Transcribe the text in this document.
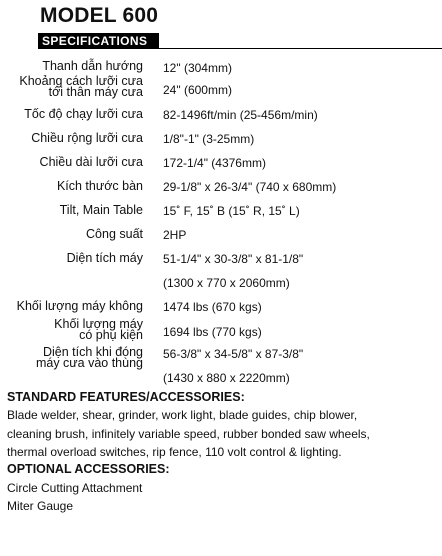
MODEL 600
SPECIFICATIONS
Thanh dẫn hướng 12" (304mm)
Khoảng cách lưỡi cưa
tới thân máy cưa 24" (600mm)
Tốc độ chạy lưỡi cưa 82-1496ft/min (25-456m/min)
Chiều rộng lưỡi cưa 1/8"-1" (3-25mm)
Chiều dài lưỡi cưa 172-1/4" (4376mm)
Kích thước bàn 29-1/8" x 26-3/4" (740 x 680mm)
Tilt, Main Table 15˚ F, 15˚ B (15˚ R, 15˚ L)
Công suất 2HP
Diện tích máy 51-1/4" x 30-3/8" x 81-1/8"
(1300 x 770 x 2060mm)
Khối lượng máy không 1474 lbs (670 kgs)
Khối lượng máy
có phụ kiện 1694 lbs (770 kgs)
Diện tích khi đóng
máy cưa vào thùng
56-3/8" x 34-5/8" x 87-3/8"
(1430 x 880 x 2220mm)
STANDARD FEATURES/ACCESSORIES:
Blade welder, shear, grinder, work light, blade guides, chip blower,
cleaning brush, infinitely variable speed, rubber bonded saw wheels,
thermal overload switches, rip fence, 110 volt control & lighting.
OPTIONAL ACCESSORIES:
Circle Cutting Attachment
Miter Gauge
